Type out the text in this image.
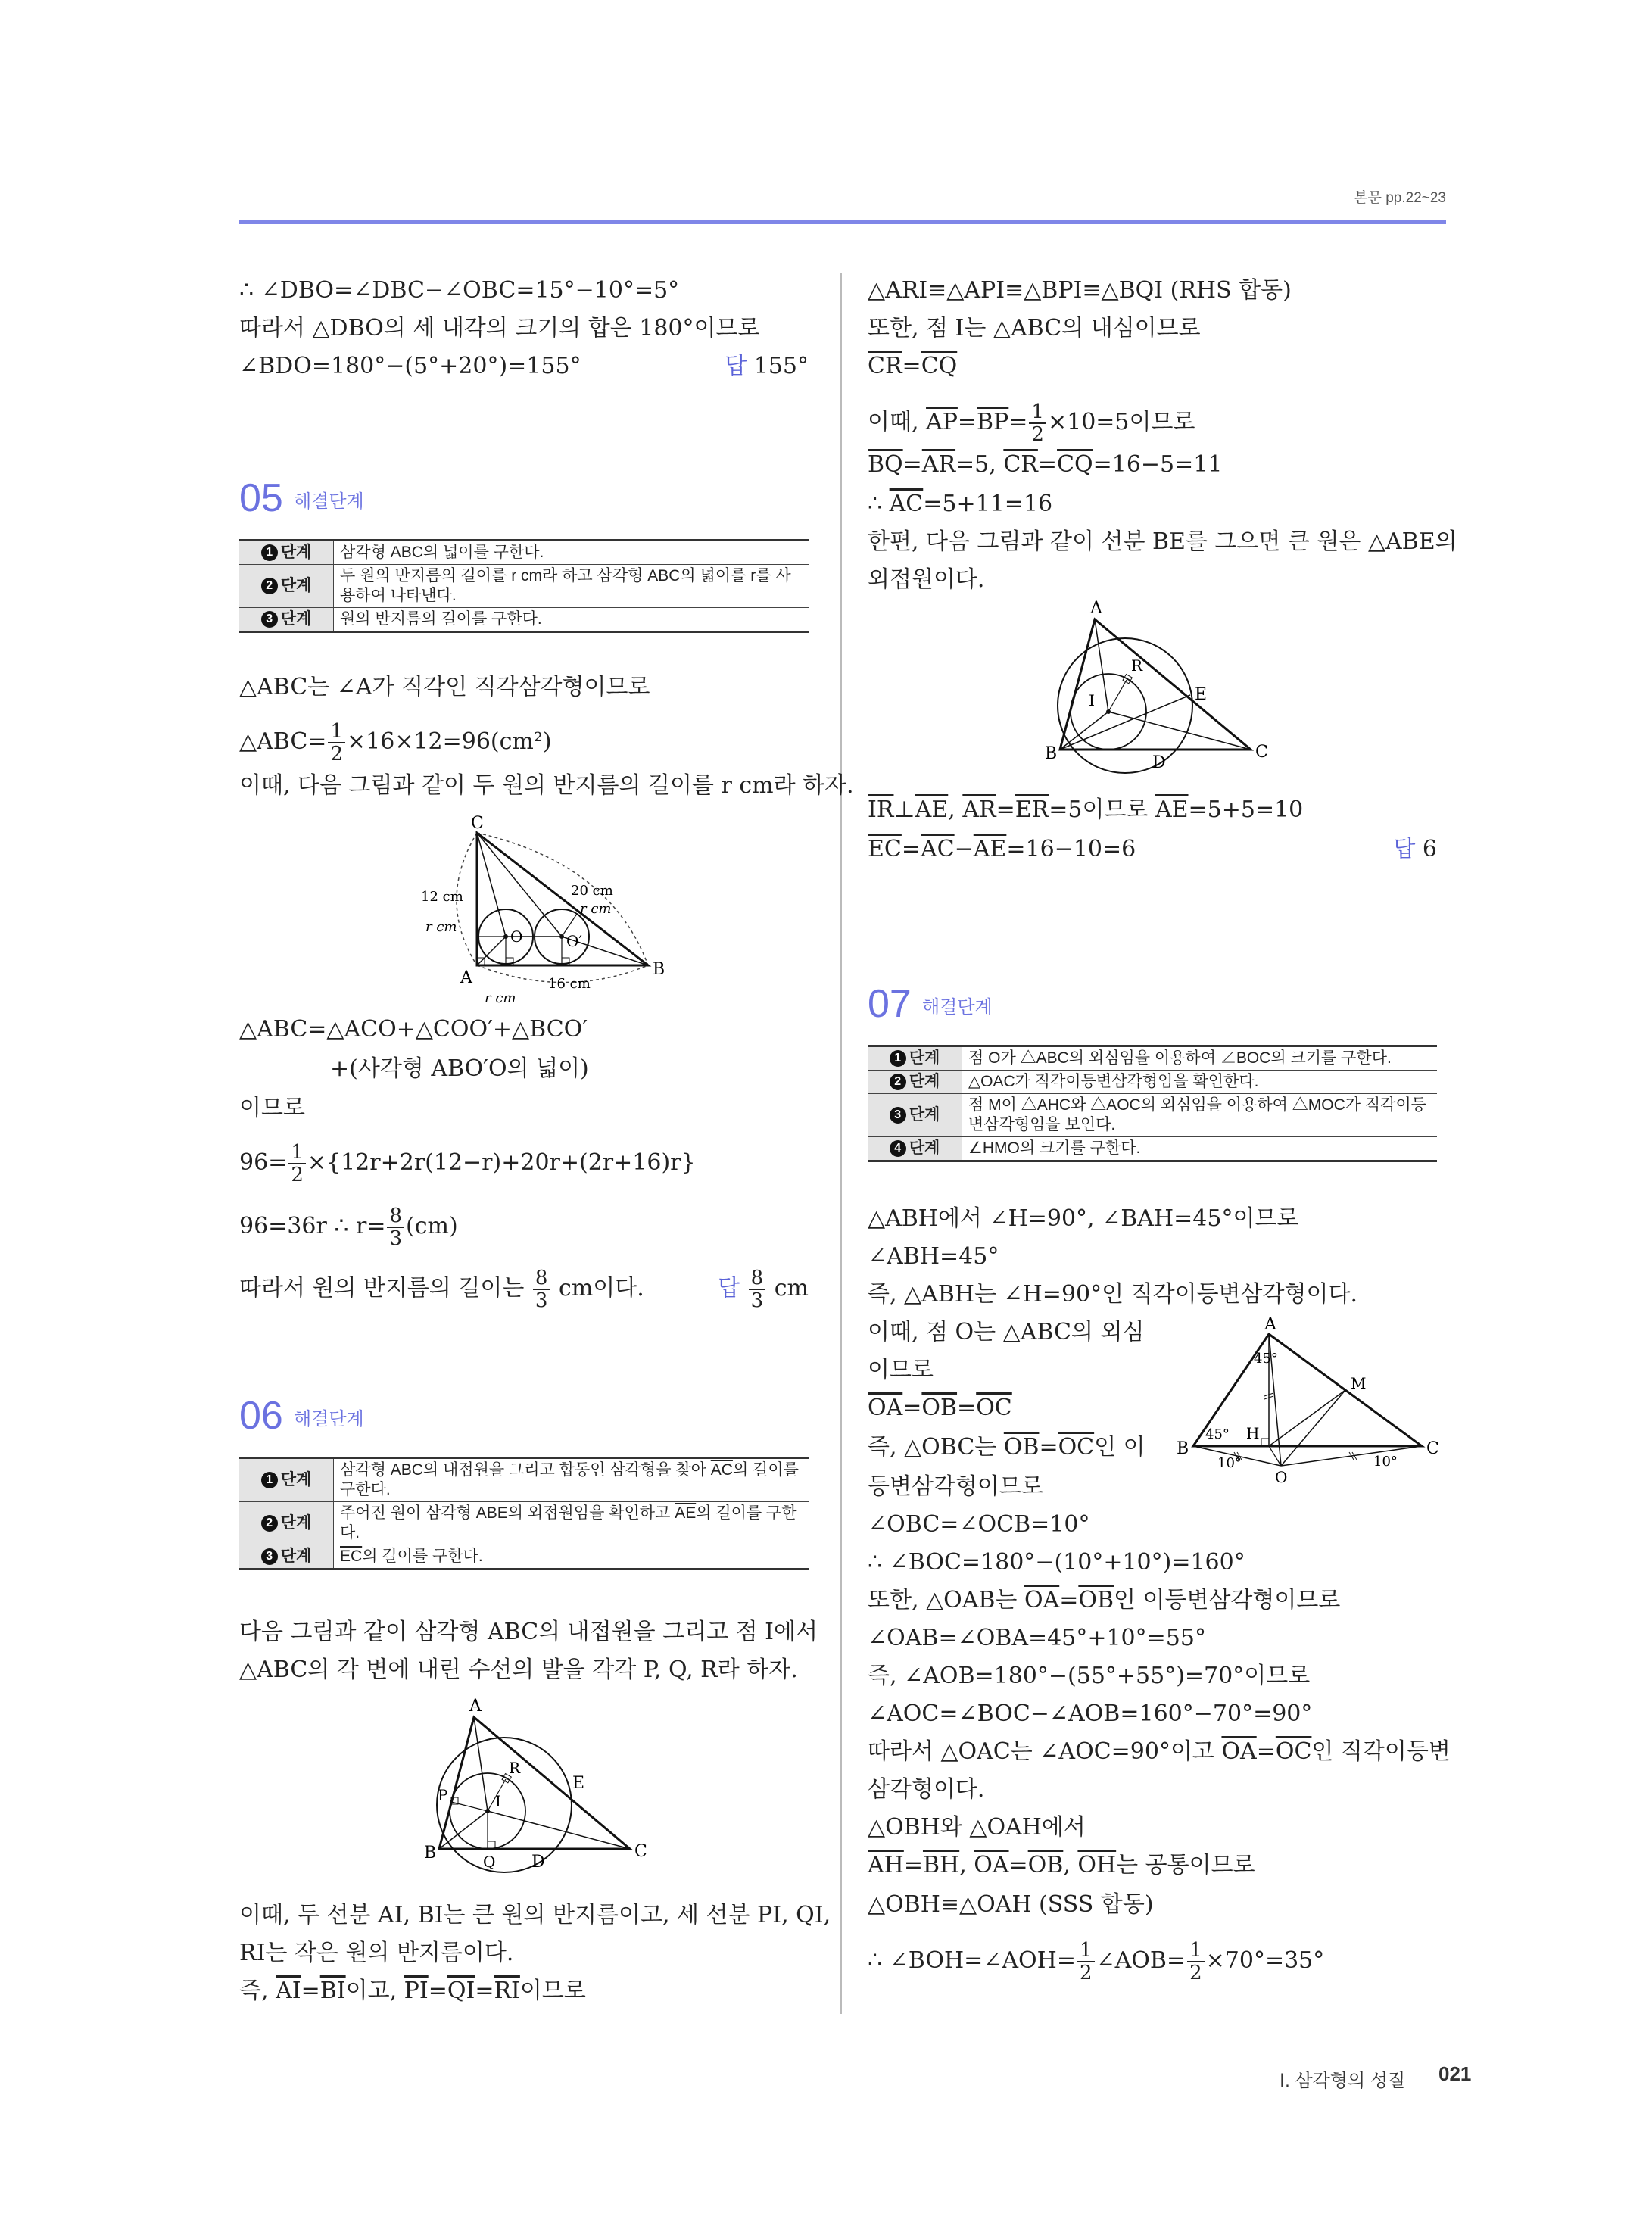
본문 pp.22~23
∴ ∠DBO=∠DBC−∠OBC=15°−10°=5°
따라서 △DBO의 세 내각의 크기의 합은 180°이므로
∠BDO=180°−(5°+20°)=155°	답 155°
05 해결단계
1 단계	삼각형 ABC의 넓이를 구한다.
2 단계	두 원의 반지름의 길이를 r cm라 하고 삼각형 ABC의 넓이를 r를 사용하여 나타낸다.
3 단계	원의 반지름의 길이를 구한다.
△ABC는 ∠A가 직각인 직각삼각형이므로
△ABC= $\frac{1}{2} \times 16\times 12=96(cm^2)$
이때, 다음 그림과 같이 두 원의 반지름의 길이를 r cm라 하자.
C
A	B
O	O′
12 cm	20 cm
16 cm
r cm
r cm
r cm
△ABC=△ACO+△COO′+△BCO′
+(사각형 ABO′O의 넓이)
이므로
$96= \frac{1}{2} \times\{12r+2r(12-r)+20r+(2r+16)r\}$
96=36r ∴ $r= \frac{8}{3} (cm)$
따라서 원의 반지름의 길이는 $\frac{8}{3}$ cm이다.	답 $\frac{8}{3}$ cm
06 해결단계
1 단계	삼각형 ABC의 내접원을 그리고 합동인 삼각형을 찾아 $\overline{AC}$의 길이를 구한다.
2 단계	주어진 원이 삼각형 ABE의 외접원임을 확인하고 $\overline{AE}$의 길이를 구한다.
3 단계	$\overline{EC}$의 길이를 구한다.
다음 그림과 같이 삼각형 ABC의 내접원을 그리고 점 I에서
△ABC의 각 변에 내린 수선의 발을 각각 P, Q, R라 하자.
A
B	C
D
E
I
P
Q
R
이때, 두 선분 AI, BI는 큰 원의 반지름이고, 세 선분 PI, QI,
RI는 작은 원의 반지름이다.
즉, $\overline{AI}=\overline{BI}$이고, $\overline{PI}=\overline{QI}=\overline{RI}$이므로
△ARI≡△API≡△BPI≡△BQI (RHS 합동)
또한, 점 I는 △ABC의 내심이므로
$\overline{CR}=\overline{CQ}$
이때, $\overline{AP}=\overline{BP}= \frac{1}{2} \times 10=5$이므로
$\overline{BQ}=\overline{AR}=5$, $\overline{CR}=\overline{CQ}=16-5=11$
∴ $\overline{AC}=5+11=16$
한편, 다음 그림과 같이 선분 BE를 그으면 큰 원은 △ABE의
외접원이다.
A
B	C
D
E
I
R
$\overline{IR}\perp\overline{AE}$, $\overline{AR}=\overline{ER}=5$이므로 $\overline{AE}=5+5=10$
$\overline{EC}=\overline{AC}-\overline{AE}=16-10=6$	답 6
07 해결단계
1 단계	점 O가 △ABC의 외심임을 이용하여 ∠BOC의 크기를 구한다.
2 단계	△OAC가 직각이등변삼각형임을 확인한다.
3 단계	점 M이 △AHC와 △AOC의 외심임을 이용하여 △MOC가 직각이등변삼각형임을 보인다.
4 단계	∠HMO의 크기를 구한다.
△ABH에서 ∠H=90°, ∠BAH=45°이므로
∠ABH=45°
즉, △ABH는 ∠H=90°인 직각이등변삼각형이다.
이때, 점 O는 △ABC의 외심
이므로
$\overline{OA}=\overline{OB}=\overline{OC}$
즉, △OBC는 $\overline{OB}=\overline{OC}$인 이
등변삼각형이므로
A
B	C
H
M
O
45°
45°
10°	10°
∠OBC=∠OCB=10°
∴ ∠BOC=180°−(10°+10°)=160°
또한, △OAB는 $\overline{OA}=\overline{OB}$인 이등변삼각형이므로
∠OAB=∠OBA=45°+10°=55°
즉, ∠AOB=180°−(55°+55°)=70°이므로
∠AOC=∠BOC−∠AOB=160°−70°=90°
따라서 △OAC는 ∠AOC=90°이고 $\overline{OA}=\overline{OC}$인 직각이등변
삼각형이다.
△OBH와 △OAH에서
$\overline{AH}=\overline{BH}$, $\overline{OA}=\overline{OB}$, $\overline{OH}$는 공통이므로
△OBH≡△OAH (SSS 합동)
∴ ∠BOH=∠AOH= $\frac{1}{2}$ ∠AOB= $\frac{1}{2} \times 70^\circ=35^\circ$
Ⅰ. 삼각형의 성질 021
